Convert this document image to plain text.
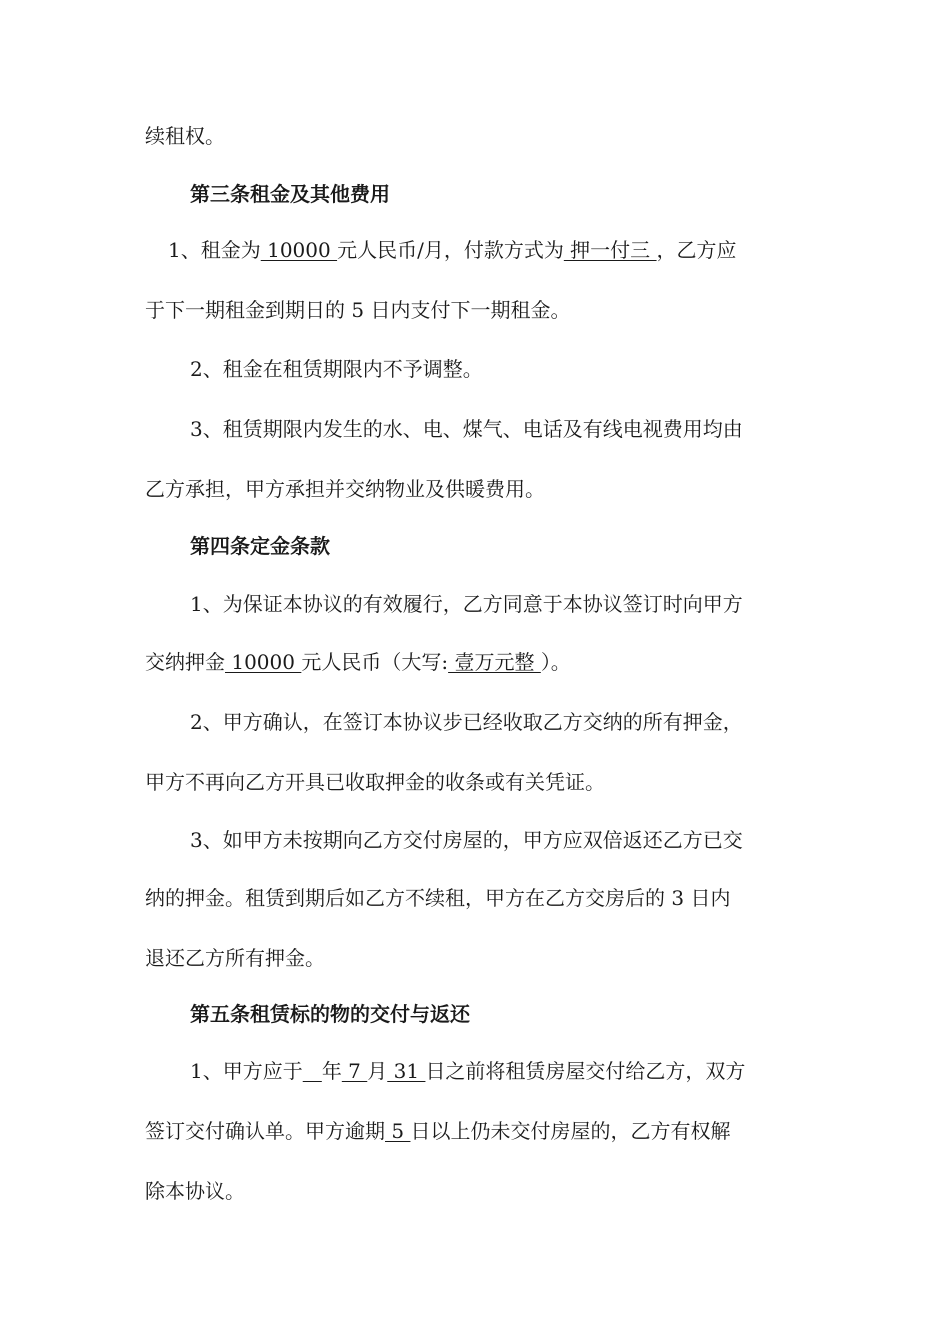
续租权。
第三条租金及其他费用
1、租金为 10000 元人民币/月，付款方式为 押一付三 ，乙方应
于下一期租金到期日的 5 日内支付下一期租金。
2、租金在租赁期限内不予调整。
3、租赁期限内发生的水、电、煤气、电话及有线电视费用均由
乙方承担，甲方承担并交纳物业及供暖费用。
第四条定金条款
1、为保证本协议的有效履行，乙方同意于本协议签订时向甲方
交纳押金 10000 元人民币（大写: 壹万元整 ）。
2、甲方确认，在签订本协议步已经收取乙方交纳的所有押金，
甲方不再向乙方开具已收取押金的收条或有关凭证。
3、如甲方未按期向乙方交付房屋的，甲方应双倍返还乙方已交
纳的押金。租赁到期后如乙方不续租，甲方在乙方交房后的 3 日内
退还乙方所有押金。
第五条租赁标的物的交付与返还
1、甲方应于 年 7 月 31 日之前将租赁房屋交付给乙方，双方
签订交付确认单。甲方逾期 5 日以上仍未交付房屋的，乙方有权解
除本协议。
